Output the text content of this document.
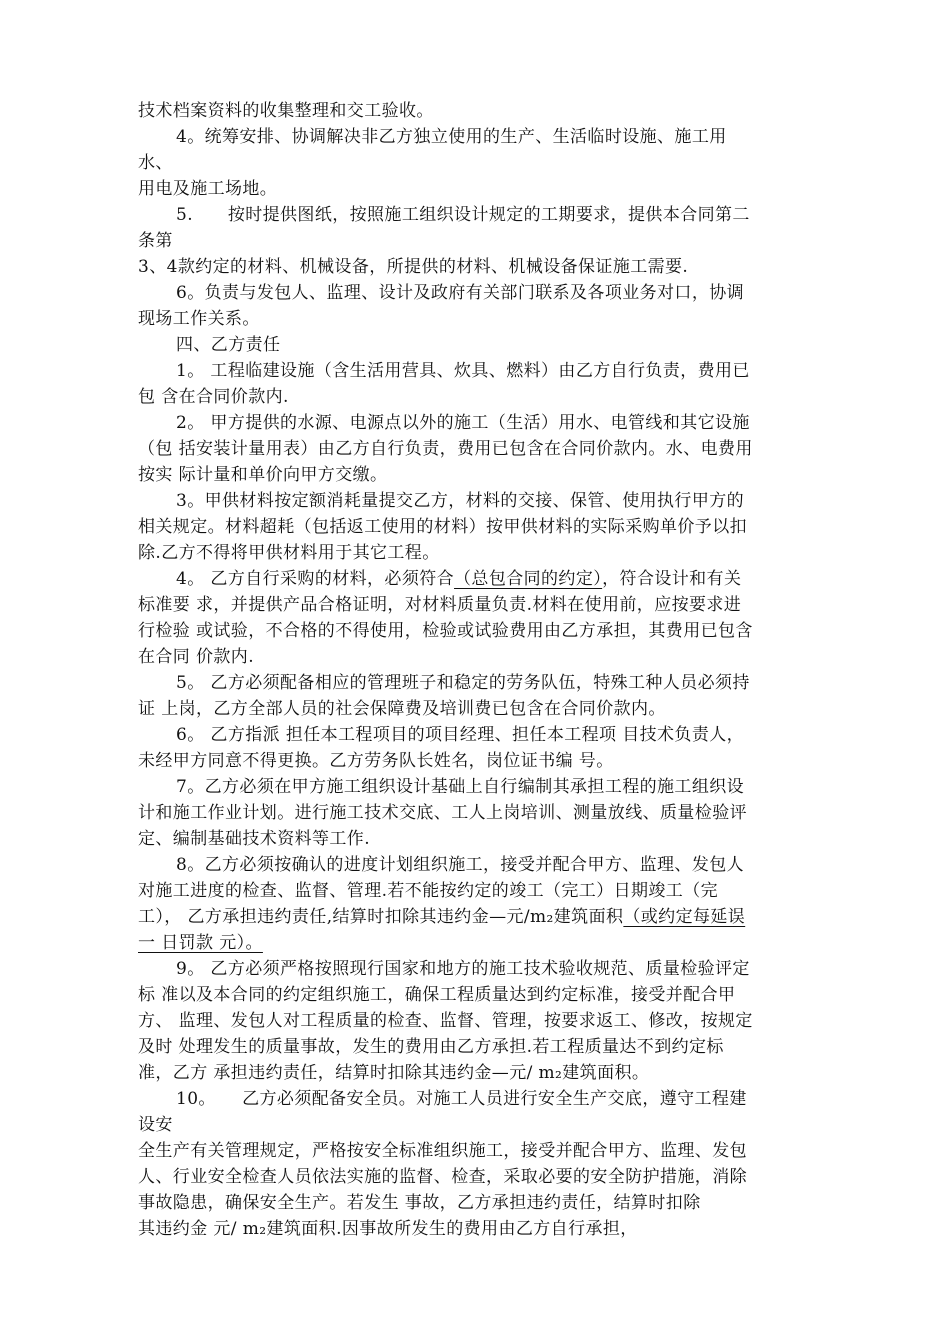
技术档案资料的收集整理和交工验收。
4。统筹安排、协调解决非乙方独立使用的生产、生活临时设施、施工用
水、
用电及施工场地。
5.　　按时提供图纸，按照施工组织设计规定的工期要求，提供本合同第二
条第
3、4款约定的材料、机械设备，所提供的材料、机械设备保证施工需要.
6。负责与发包人、监理、设计及政府有关部门联系及各项业务对口，协调
现场工作关系。
四、乙方责任
1。 工程临建设施（含生活用营具、炊具、燃料）由乙方自行负责，费用已
包 含在合同价款内.
2。 甲方提供的水源、电源点以外的施工（生活）用水、电管线和其它设施
（包 括安装计量用表）由乙方自行负责，费用已包含在合同价款内。水、电费用
按实 际计量和单价向甲方交缴。
3。甲供材料按定额消耗量提交乙方，材料的交接、保管、使用执行甲方的
相关规定。材料超耗（包括返工使用的材料）按甲供材料的实际采购单价予以扣
除.乙方不得将甲供材料用于其它工程。
4。 乙方自行采购的材料，必须符合（总包合同的约定），符合设计和有关
标准要 求，并提供产品合格证明，对材料质量负责.材料在使用前，应按要求进
行检验 或试验，不合格的不得使用，检验或试验费用由乙方承担，其费用已包含
在合同 价款内.
5。 乙方必须配备相应的管理班子和稳定的劳务队伍，特殊工种人员必须持
证 上岗，乙方全部人员的社会保障费及培训费已包含在合同价款内。
6。 乙方指派 担任本工程项目的项目经理、担任本工程项 目技术负责人，
未经甲方同意不得更换。乙方劳务队长姓名，岗位证书编 号。
7。乙方必须在甲方施工组织设计基础上自行编制其承担工程的施工组织设
计和施工作业计划。进行施工技术交底、工人上岗培训、测量放线、质量检验评
定、编制基础技术资料等工作.
8。乙方必须按确认的进度计划组织施工，接受并配合甲方、监理、发包人
对施工进度的检查、监督、管理.若不能按约定的竣工（完工）日期竣工（完
工）， 乙方承担违约责任,结算时扣除其违约金—元/m₂建筑面积（或约定每延误
一 日罚款 元）。
9。 乙方必须严格按照现行国家和地方的施工技术验收规范、质量检验评定
标 准以及本合同的约定组织施工，确保工程质量达到约定标准，接受并配合甲
方、 监理、发包人对工程质量的检查、监督、管理，按要求返工、修改，按规定
及时 处理发生的质量事故，发生的费用由乙方承担.若工程质量达不到约定标
准，乙方 承担违约责任，结算时扣除其违约金—元/ m₂建筑面积。
10。　　乙方必须配备安全员。对施工人员进行安全生产交底，遵守工程建
设安
全生产有关管理规定，严格按安全标准组织施工，接受并配合甲方、监理、发包
人、行业安全检查人员依法实施的监督、检查，采取必要的安全防护措施，消除
事故隐患，确保安全生产。若发生 事故，乙方承担违约责任，结算时扣除
其违约金 元/ m₂建筑面积.因事故所发生的费用由乙方自行承担，
